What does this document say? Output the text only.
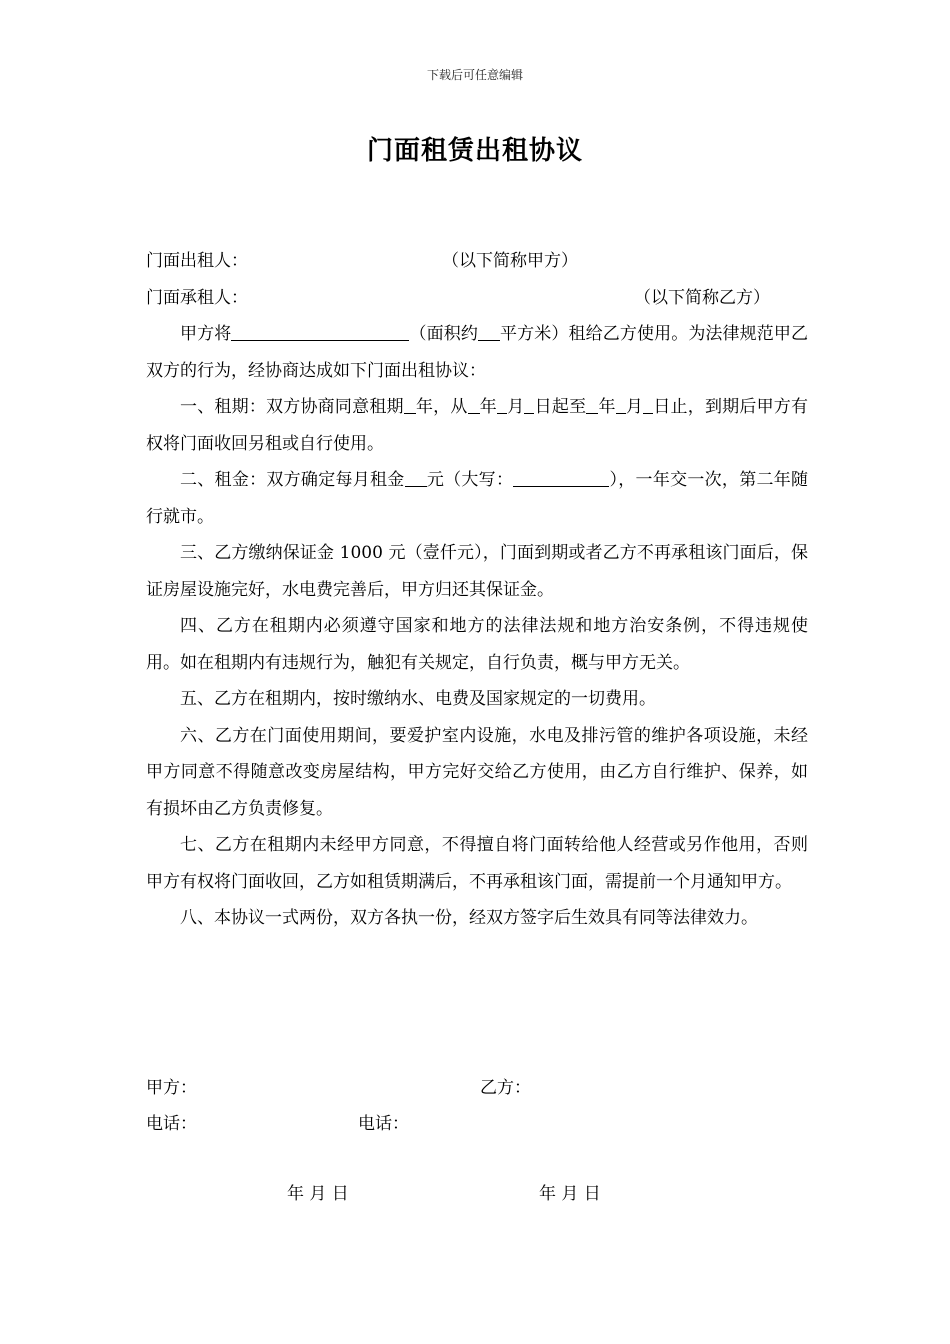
下载后可任意编辑
门面租赁出租协议
门面出租人：	（以下简称甲方）
门面承租人：	（以下简称乙方）
甲方将	（面积约 平方米）租给乙方使用。为法律规范甲乙双方的行为，经协商达成如下门面出租协议：
一、租期：双方协商同意租期 年，从 年 月 日起至 年 月 日止，到期后甲方有权将门面收回另租或自行使用。
二、租金：双方确定每月租金 元（大写：	），一年交一次，第二年随行就市。
三、乙方缴纳保证金 1000 元（壹仟元），门面到期或者乙方不再承租该门面后，保证房屋设施完好，水电费完善后，甲方归还其保证金。
四、乙方在租期内必须遵守国家和地方的法律法规和地方治安条例，不得违规使用。如在租期内有违规行为，触犯有关规定，自行负责，概与甲方无关。
五、乙方在租期内，按时缴纳水、电费及国家规定的一切费用。
六、乙方在门面使用期间，要爱护室内设施，水电及排污管的维护各项设施，未经甲方同意不得随意改变房屋结构，甲方完好交给乙方使用，由乙方自行维护、保养，如有损坏由乙方负责修复。
七、乙方在租期内未经甲方同意，不得擅自将门面转给他人经营或另作他用，否则甲方有权将门面收回，乙方如租赁期满后，不再承租该门面，需提前一个月通知甲方。
八、本协议一式两份，双方各执一份，经双方签字后生效具有同等法律效力。
甲方：	乙方：
电话：	电话：
年 月 日	年 月 日
